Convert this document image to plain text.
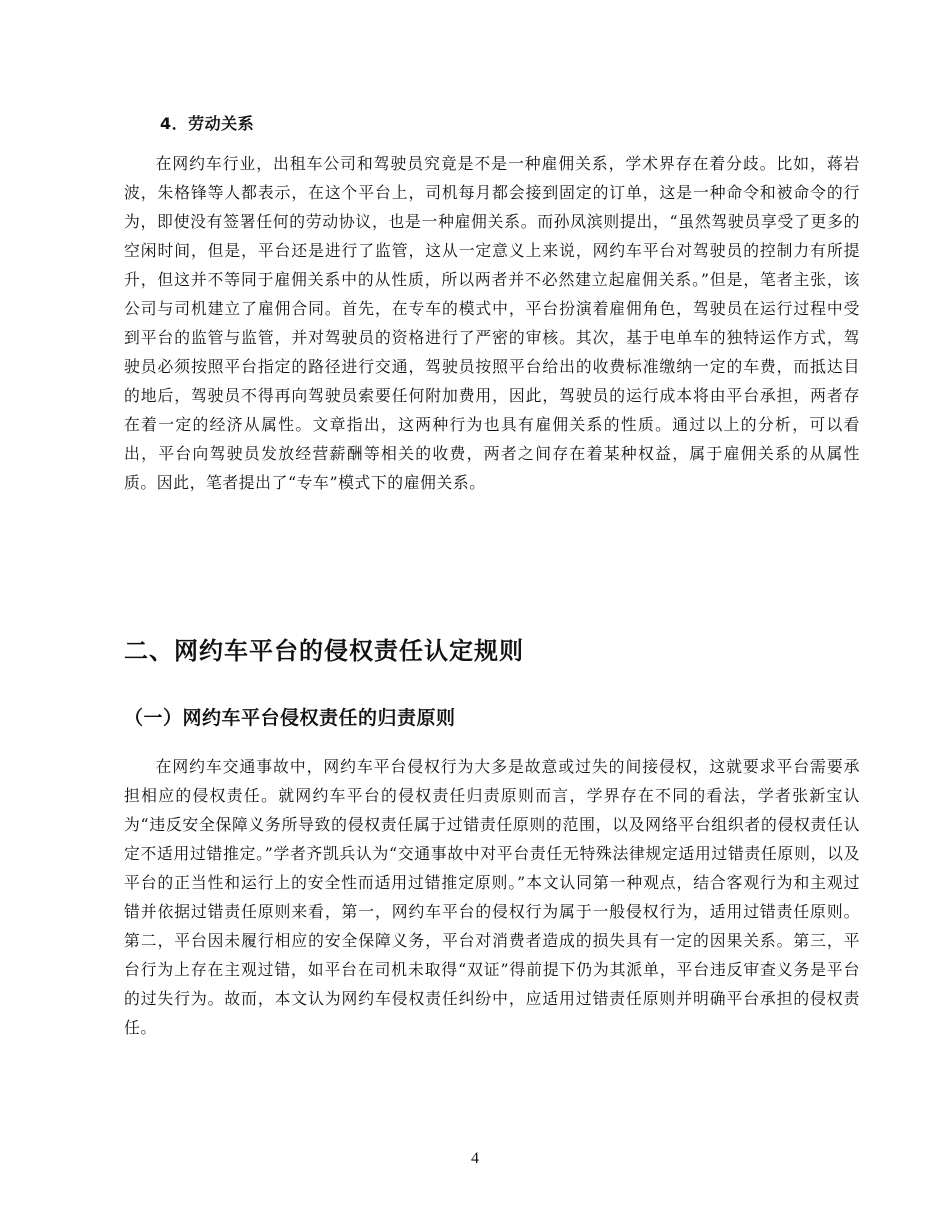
4．劳动关系

在网约车行业，出租车公司和驾驶员究竟是不是一种雇佣关系，学术界存在着分歧。比如，蒋岩波，朱格锋等人都表示，在这个平台上，司机每月都会接到固定的订单，这是一种命令和被命令的行为，即使没有签署任何的劳动协议，也是一种雇佣关系。而孙凤滨则提出，“虽然驾驶员享受了更多的空闲时间，但是，平台还是进行了监管，这从一定意义上来说，网约车平台对驾驶员的控制力有所提升，但这并不等同于雇佣关系中的从性质，所以两者并不必然建立起雇佣关系。”但是，笔者主张，该公司与司机建立了雇佣合同。首先，在专车的模式中，平台扮演着雇佣角色，驾驶员在运行过程中受到平台的监管与监管，并对驾驶员的资格进行了严密的审核。其次，基于电单车的独特运作方式，驾驶员必须按照平台指定的路径进行交通，驾驶员按照平台给出的收费标准缴纳一定的车费，而抵达目的地后，驾驶员不得再向驾驶员索要任何附加费用，因此，驾驶员的运行成本将由平台承担，两者存在着一定的经济从属性。文章指出，这两种行为也具有雇佣关系的性质。通过以上的分析，可以看出，平台向驾驶员发放经营薪酬等相关的收费，两者之间存在着某种权益，属于雇佣关系的从属性质。因此，笔者提出了“专车”模式下的雇佣关系。

二、网约车平台的侵权责任认定规则
（一）网约车平台侵权责任的归责原则

在网约车交通事故中，网约车平台侵权行为大多是故意或过失的间接侵权，这就要求平台需要承担相应的侵权责任。就网约车平台的侵权责任归责原则而言，学界存在不同的看法，学者张新宝认为“违反安全保障义务所导致的侵权责任属于过错责任原则的范围，以及网络平台组织者的侵权责任认定不适用过错推定。”学者齐凯兵认为“交通事故中对平台责任无特殊法律规定适用过错责任原则，以及平台的正当性和运行上的安全性而适用过错推定原则。”本文认同第一种观点，结合客观行为和主观过错并依据过错责任原则来看，第一，网约车平台的侵权行为属于一般侵权行为，适用过错责任原则。第二，平台因未履行相应的安全保障义务，平台对消费者造成的损失具有一定的因果关系。第三，平台行为上存在主观过错，如平台在司机未取得“双证”得前提下仍为其派单，平台违反审查义务是平台的过失行为。故而，本文认为网约车侵权责任纠纷中，应适用过错责任原则并明确平台承担的侵权责任。

4
